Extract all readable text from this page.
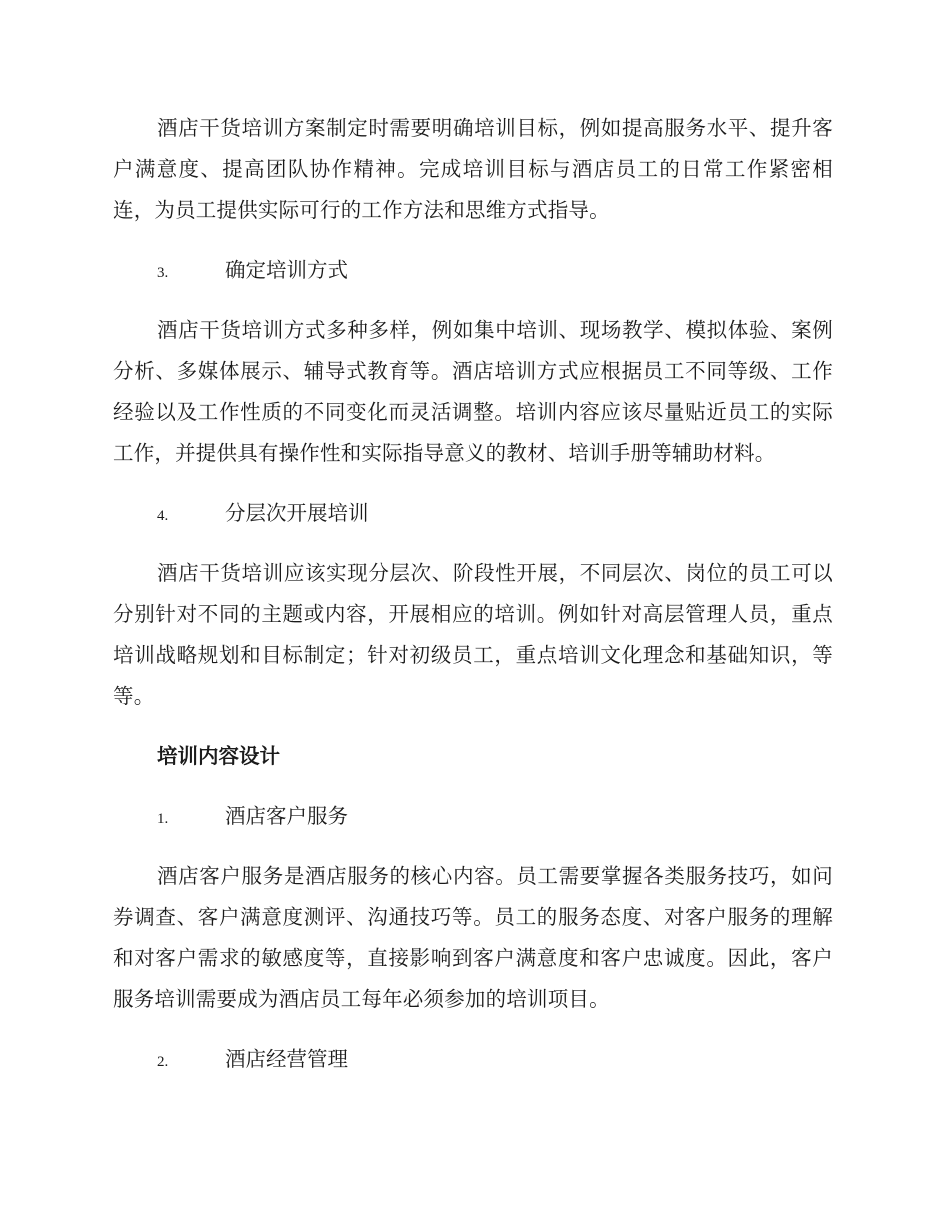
酒店干货培训方案制定时需要明确培训目标，例如提高服务水平、提升客户满意度、提高团队协作精神。完成培训目标与酒店员工的日常工作紧密相连，为员工提供实际可行的工作方法和思维方式指导。

3.	确定培训方式

酒店干货培训方式多种多样，例如集中培训、现场教学、模拟体验、案例分析、多媒体展示、辅导式教育等。酒店培训方式应根据员工不同等级、工作经验以及工作性质的不同变化而灵活调整。培训内容应该尽量贴近员工的实际工作，并提供具有操作性和实际指导意义的教材、培训手册等辅助材料。

4.	分层次开展培训

酒店干货培训应该实现分层次、阶段性开展，不同层次、岗位的员工可以分别针对不同的主题或内容，开展相应的培训。例如针对高层管理人员，重点培训战略规划和目标制定；针对初级员工，重点培训文化理念和基础知识，等等。

培训内容设计
1.	酒店客户服务

酒店客户服务是酒店服务的核心内容。员工需要掌握各类服务技巧，如问券调查、客户满意度测评、沟通技巧等。员工的服务态度、对客户服务的理解和对客户需求的敏感度等，直接影响到客户满意度和客户忠诚度。因此，客户服务培训需要成为酒店员工每年必须参加的培训项目。

2.	酒店经营管理
